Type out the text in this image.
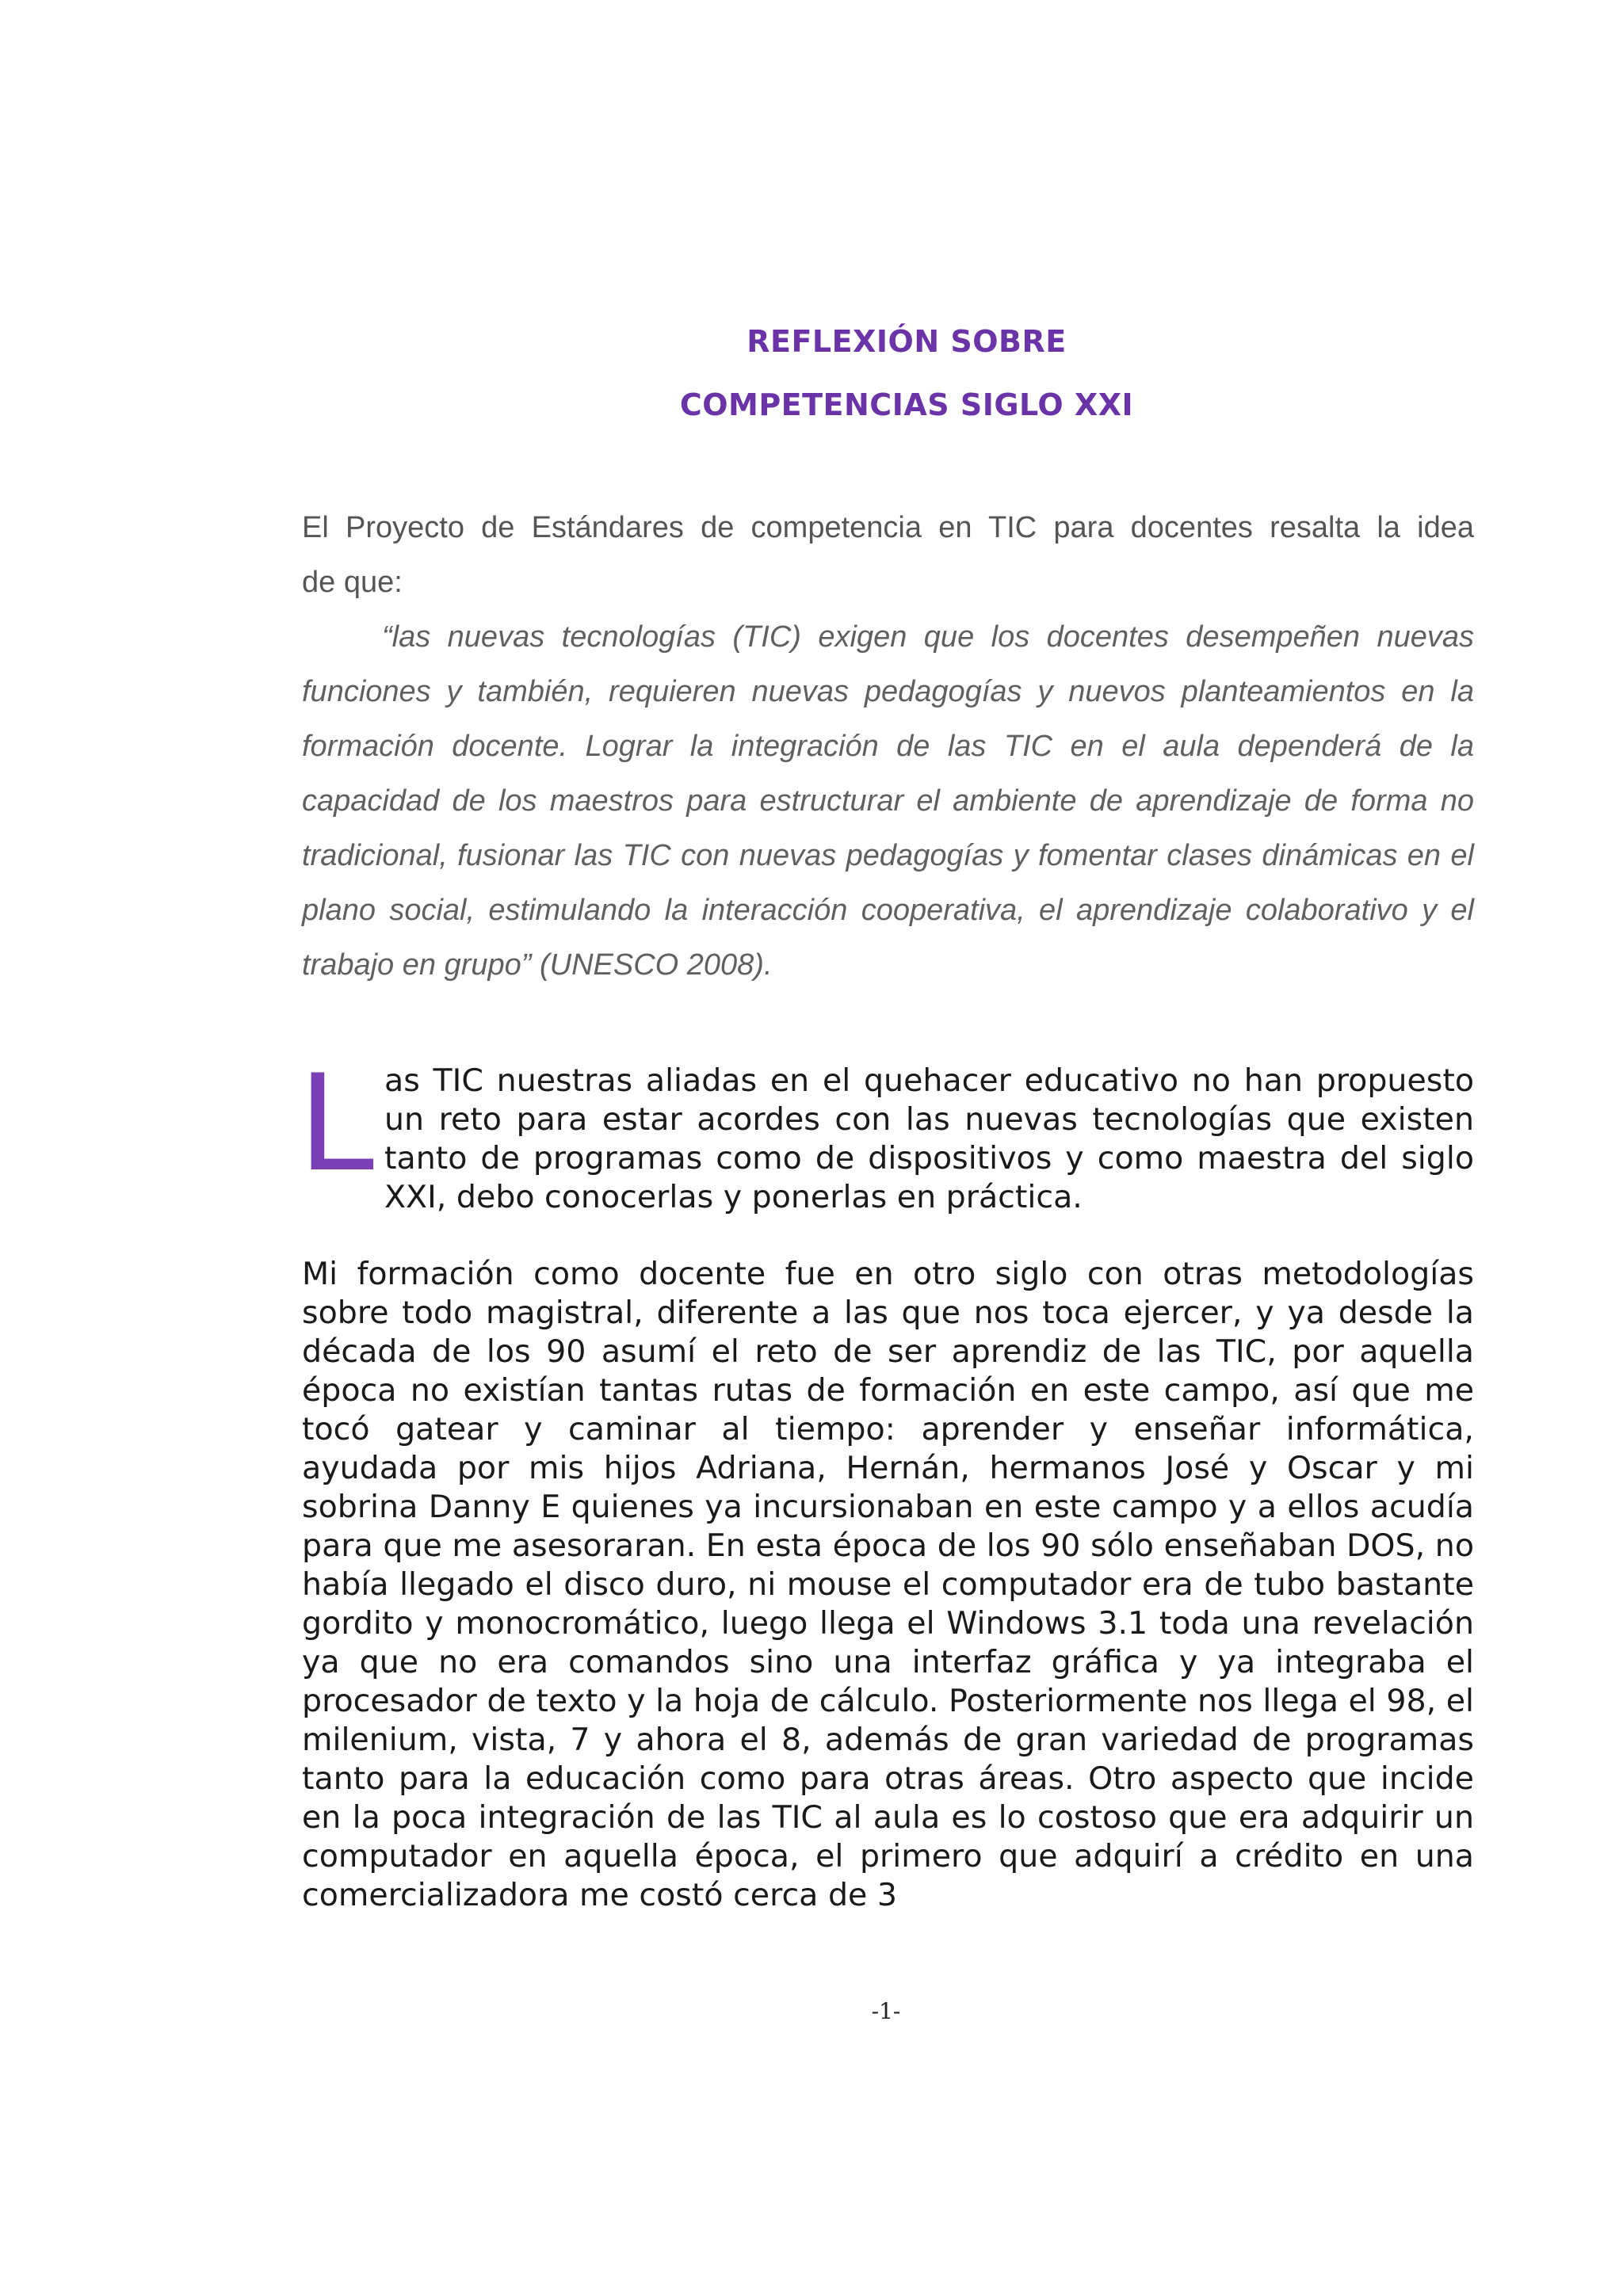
REFLEXIÓN SOBRE
COMPETENCIAS SIGLO XXI

El Proyecto de Estándares de competencia en TIC para docentes resalta la idea
de que:

“las nuevas tecnologías (TIC) exigen que los docentes desempeñen nuevas funciones y también, requieren nuevas pedagogías y nuevos planteamientos en la formación docente. Lograr la integración de las TIC en el aula dependerá de la capacidad de los maestros para estructurar el ambiente de aprendizaje de forma no tradicional, fusionar las TIC con nuevas pedagogías y fomentar clases dinámicas en el plano social, estimulando la interacción cooperativa, el aprendizaje colaborativo y el trabajo en grupo” (UNESCO 2008).

Las TIC nuestras aliadas en el quehacer educativo no han propuesto un reto para estar acordes con las nuevas tecnologías que existen tanto de programas como de dispositivos y como maestra del siglo XXI, debo conocerlas y ponerlas en práctica.

Mi formación como docente fue en otro siglo con otras metodologías sobre todo magistral, diferente a las que nos toca ejercer, y ya desde la década de los 90 asumí el reto de ser aprendiz de las TIC, por aquella época no existían tantas rutas de formación en este campo, así que me tocó gatear y caminar al tiempo: aprender y enseñar informática, ayudada por mis hijos Adriana, Hernán, hermanos José y Oscar y mi sobrina Danny E quienes ya incursionaban en este campo y a ellos acudía para que me asesoraran. En esta época de los 90 sólo enseñaban DOS, no había llegado el disco duro, ni mouse el computador era de tubo bastante gordito y monocromático, luego llega el Windows 3.1 toda una revelación ya que no era comandos sino una interfaz gráfica y ya integraba el procesador de texto y la hoja de cálculo. Posteriormente nos llega el 98, el milenium, vista, 7 y ahora el 8, además de gran variedad de programas tanto para la educación como para otras áreas. Otro aspecto que incide en la poca integración de las TIC al aula es lo costoso que era adquirir un computador en aquella época, el primero que adquirí a crédito en una comercializadora me costó cerca de 3

-1-
